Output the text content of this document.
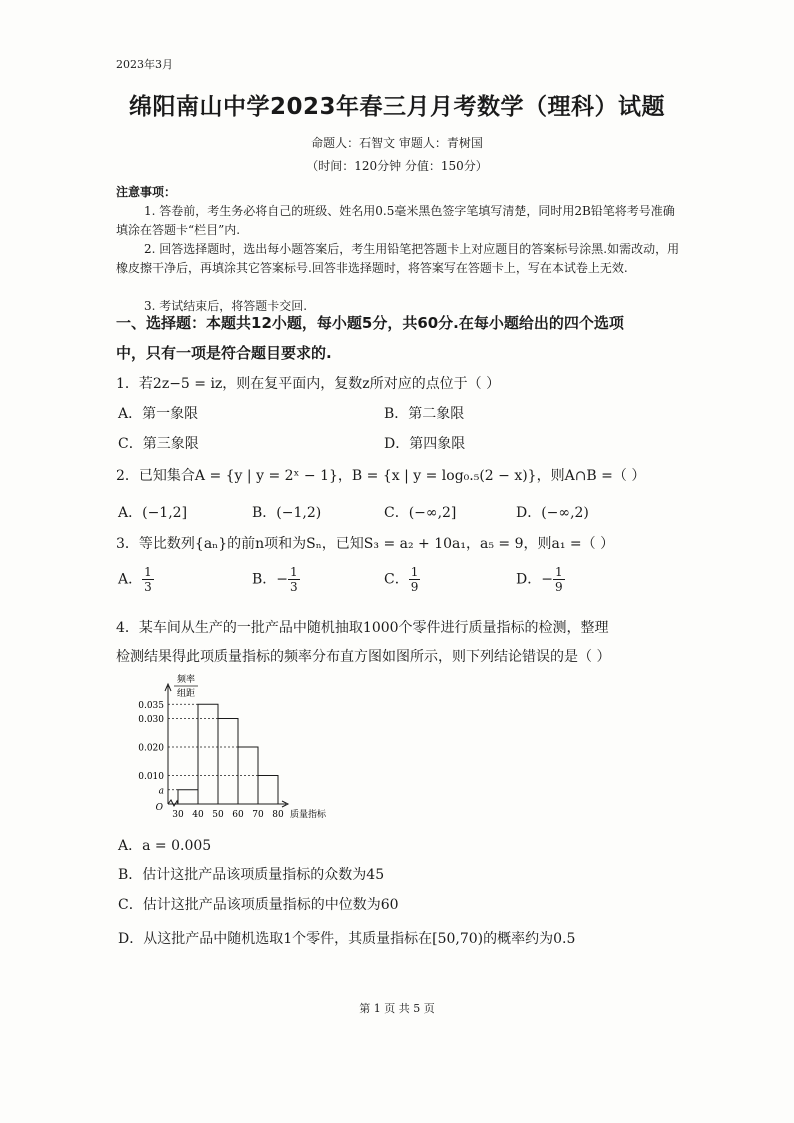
2023年3月
绵阳南山中学2023年春三月月考数学（理科）试题
命题人：石智文 审题人：青树国
（时间：120分钟 分值：150分）
注意事项：
1. 答卷前，考生务必将自己的班级、姓名用0.5毫米黑色签字笔填写清楚，同时用2B铅笔将考号准确填涂在答题卡“栏目”内.
2. 回答选择题时，选出每小题答案后，考生用铅笔把答题卡上对应题目的答案标号涂黑.如需改动，用橡皮擦干净后，再填涂其它答案标号.回答非选择题时，将答案写在答题卡上，写在本试卷上无效.
3. 考试结束后，将答题卡交回.
一、选择题：本题共12小题，每小题5分，共60分.在每小题给出的四个选项
中，只有一项是符合题目要求的.
1．若2z−5 = iz，则在复平面内，复数z所对应的点位于（ ）
A．第一象限	B．第二象限
C．第三象限	D．第四象限
2．已知集合A = {y | y = 2ˣ − 1}，B = {x | y = log₀.₅(2 − x)}，则A∩B =（ ）
A．(−1,2]	B．(−1,2)	C．(−∞,2]	D．(−∞,2)
3．等比数列{aₙ}的前n项和为Sₙ，已知S₃ = a₂ + 10a₁，a₅ = 9，则a₁ =（ ）
A． $\frac{1}{3}$	B．− $\frac{1}{3}$	C． $\frac{1}{9}$	D．− $\frac{1}{9}$
4．某车间从生产的一批产品中随机抽取1000个零件进行质量指标的检测，整理
检测结果得此项质量指标的频率分布直方图如图所示，则下列结论错误的是（ ）
0.035
0.030
0.020
0.010
a
30 40 50 60 70 80
O
质量指标
频率
组距
A．a = 0.005
B．估计这批产品该项质量指标的众数为45
C．估计这批产品该项质量指标的中位数为60
D．从这批产品中随机选取1个零件，其质量指标在[50,70)的概率约为0.5
第 1 页 共 5 页
